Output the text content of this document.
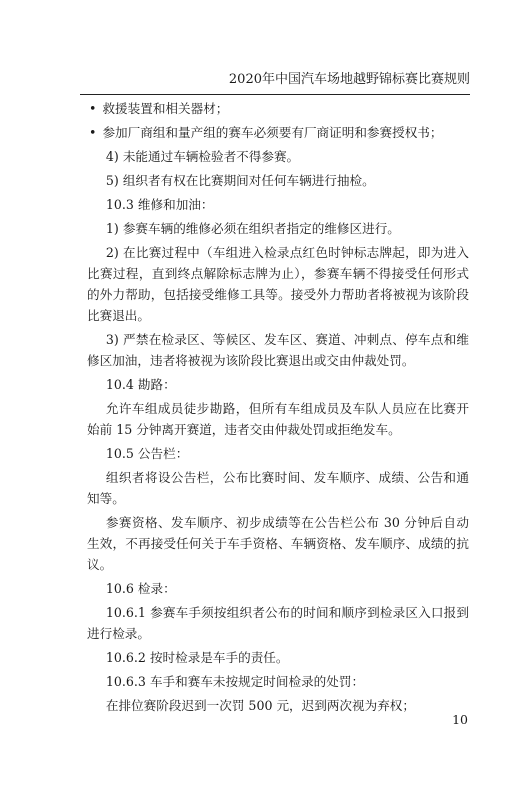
2020年中国汽车场地越野锦标赛比赛规则

• 救援装置和相关器材；

• 参加厂商组和量产组的赛车必须要有厂商证明和参赛授权书；

4) 未能通过车辆检验者不得参赛。

5) 组织者有权在比赛期间对任何车辆进行抽检。

10.3 维修和加油：

1) 参赛车辆的维修必须在组织者指定的维修区进行。

2) 在比赛过程中（车组进入检录点红色时钟标志牌起，即为进入比赛过程，直到终点解除标志牌为止），参赛车辆不得接受任何形式的外力帮助，包括接受维修工具等。接受外力帮助者将被视为该阶段比赛退出。

3) 严禁在检录区、等候区、发车区、赛道、冲刺点、停车点和维修区加油，违者将被视为该阶段比赛退出或交由仲裁处罚。

10.4 勘路：

允许车组成员徒步勘路，但所有车组成员及车队人员应在比赛开始前 15 分钟离开赛道，违者交由仲裁处罚或拒绝发车。

10.5 公告栏：

组织者将设公告栏，公布比赛时间、发车顺序、成绩、公告和通知等。

参赛资格、发车顺序、初步成绩等在公告栏公布 30 分钟后自动生效，不再接受任何关于车手资格、车辆资格、发车顺序、成绩的抗议。

10.6 检录：

10.6.1 参赛车手须按组织者公布的时间和顺序到检录区入口报到进行检录。

10.6.2 按时检录是车手的责任。

10.6.3 车手和赛车未按规定时间检录的处罚：

在排位赛阶段迟到一次罚 500 元，迟到两次视为弃权；

10
